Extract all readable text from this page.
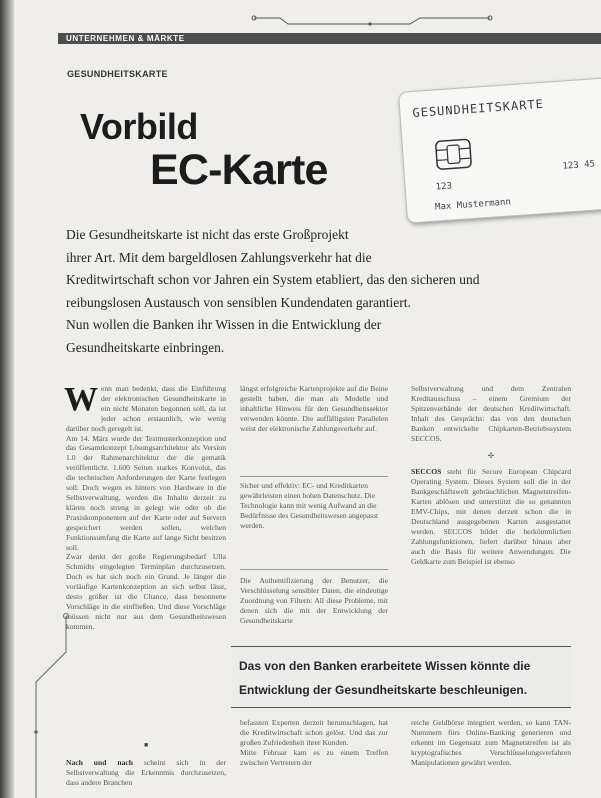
UNTERNEHMEN & MÄRKTE
GESUNDHEITSKARTE
Vorbild
EC-Karte
GESUNDHEITSKARTE
123
123 45
Max Mustermann

Die Gesundheitskarte ist nicht das erste Großprojekt

ihrer Art. Mit dem bargeldlosen Zahlungsverkehr hat die

Kreditwirtschaft schon vor Jahren ein System etabliert, das den sicheren und

reibungslosen Austausch von sensiblen Kundendaten garantiert.

Nun wollen die Banken ihr Wissen in die Entwicklung der

Gesundheitskarte einbringen.

W enn man bedenkt, dass die Einführung der elektronischen Gesundheitskarte in ein nicht Monaten begonnen soll, da ist jeder schon erstaunlich, wie wenig darüber noch geregelt ist.

Am 14. März wurde der Testmusterkonzeption und das Gesamtkonzept Lösungsarchitektur als Version 1.0 der Rahmenarchitektur der die gematik veröffentlicht. 1.600 Seiten starkes Konvolut, das die technischen Anforderungen der Karte festlegen soll. Doch wegen es hinters von Hardware in die Selbstverwaltung, werden die Inhalte derzeit zu klären noch streng in gelegt wie oder ob die Praxiskomponenten auf der Karte oder auf Servern gespeichert werden sollen, welchen Funktionsumfang die Karte auf lange Sicht besitzen soll.

Zwar denkt der große Regierungsbedarf Ulla Schmidts eingelegten Terminplan durchzusetzen. Doch es hat sich noch ein Grund. Je länger die vorläufige Kartenkonzeption an sich selbst lässt, desto größer ist die Chance, dass besonnene Vorschläge in die einfließen. Und diese Vorschläge müssen nicht nur aus dem Gesundheitswesen kommen.

■

Nach und nach scheint sich in der Selbstverwaltung die Erkenntnis durchzusetzen, dass andere Branchen

längst erfolgreiche Kartenprojekte auf die Beine gestellt haben, die man als Modelle und inhaltliche Hinweis für den Gesundheitssektor verwenden könnte. Die auffälligsten Parallelen weist der elektronische Zahlungsverkehr auf.

Sicher und effektiv: EC- und Kreditkarten gewährleisten einen hohen Datenschutz. Die Technologie kann mit wenig Aufwand an die Bedürfnisse des Gesundheitswesen angepasst werden.

Die Authentifizierung der Benutzer, die Verschlüsselung sensibler Daten, die eindeutige Zuordnung von Filtern: All diese Probleme, mit denen sich die mit der Entwicklung der Gesundheitskarte

Selbstverwaltung und dem Zentralen Kreditausschuss – einem Gremium der Spitzenverbände der deutschen Kreditwirtschaft. Inhalt des Gesprächs: das von den deutschen Banken entwickelte Chipkarten-Betriebssystem SECCOS.

✣

SECCOS steht für Secure European Chipcard Operating System. Dieses System soll die in der Bankgeschäftswelt gebräuchlichen Magnetstreifen-Karten ablösen und unterstützt die so genannten EMV-Chips, mit denen derzeit schon die in Deutschland ausgegebenen Karten ausgestattet werden. SECCOS bildet die herkömmlichen Zahlungsfunktionen, liefert darüber hinaus aber auch die Basis für weitere Anwendungen. Die Geldkarte zum Beispiel ist ebenso

Das von den Banken erarbeitete Wissen könnte die Entwicklung der Gesundheitskarte beschleunigen.

befassten Experten derzeit herumschlagen, hat die Kreditwirtschaft schon gelöst. Und das zur großen Zufriedenheit ihrer Kunden.

Mitte Februar kam es zu einem Treffen zwischen Vertretern der

reiche Geldbörse integriert werden, so kann TAN-Nummern fürs Online-Banking generieren und erkennt im Gegensatz zum Magnetstreifen ist als kryptografisches Verschlüsselungsverfahren Manipulationen gewährt werden.
